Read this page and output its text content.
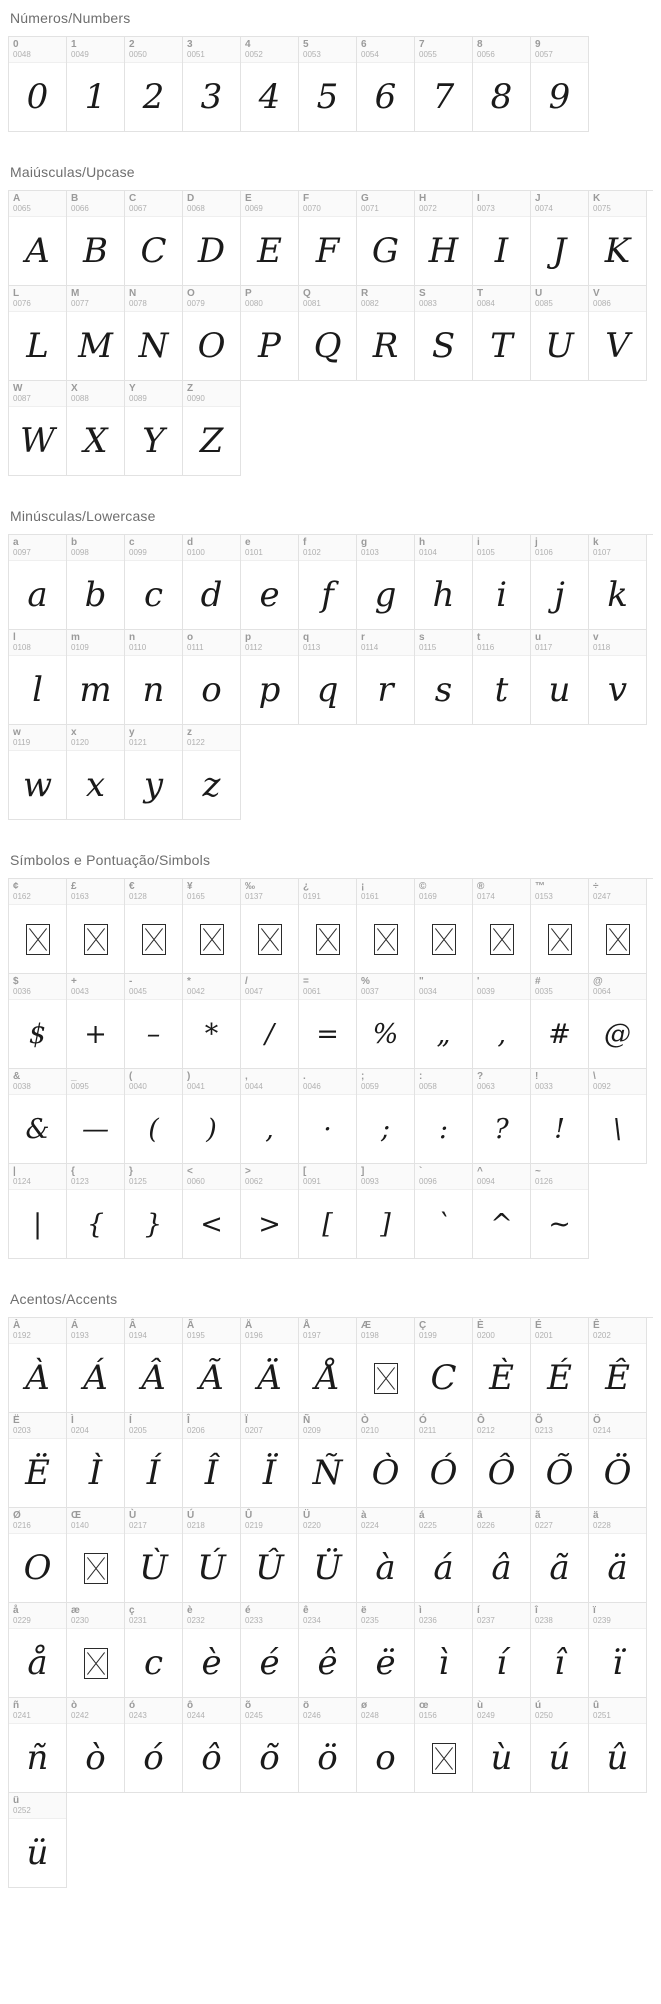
Números/Numbers
0
0048
0
1
0049
1
2
0050
2
3
0051
3
4
0052
4
5
0053
5
6
0054
6
7
0055
7
8
0056
8
9
0057
9
Maiúsculas/Upcase
A
0065
A
B
0066
B
C
0067
C
D
0068
D
E
0069
E
F
0070
F
G
0071
G
H
0072
H
I
0073
I
J
0074
J
K
0075
K
L
0076
L
M
0077
M
N
0078
N
O
0079
O
P
0080
P
Q
0081
Q
R
0082
R
S
0083
S
T
0084
T
U
0085
U
V
0086
V
W
0087
W
X
0088
X
Y
0089
Y
Z
0090
Z
Minúsculas/Lowercase
a
0097
a
b
0098
b
c
0099
c
d
0100
d
e
0101
e
f
0102
f
g
0103
g
h
0104
h
i
0105
i
j
0106
j
k
0107
k
l
0108
l
m
0109
m
n
0110
n
o
0111
o
p
0112
p
q
0113
q
r
0114
r
s
0115
s
t
0116
t
u
0117
u
v
0118
v
w
0119
w
x
0120
x
y
0121
y
z
0122
z
Símbolos e Pontuação/Simbols
¢
0162
£
0163
€
0128
¥
0165
‰
0137
¿
0191
¡
0161
©
0169
®
0174
™
0153
÷
0247
$
0036
$
+
0043
+
-
0045
–
*
0042
*
/
0047
/
=
0061
=
%
0037
%
"
0034
„
'
0039
‚
#
0035
#
@
0064
@
&
0038
&
_
0095
—
(
0040
(
)
0041
)
,
0044
,
.
0046
·
;
0059
;
:
0058
:
?
0063
?
!
0033
!
\
0092
\
|
0124
|
{
0123
{
}
0125
}
<
0060
<
>
0062
>
[
0091
[
]
0093
]
`
0096
`
^
0094
^
~
0126
~
Acentos/Accents
À
0192
À
Á
0193
Á
Â
0194
Â
Ã
0195
Ã
Ä
0196
Ä
Å
0197
Å
Æ
0198
Ç
0199
C
È
0200
È
É
0201
É
Ê
0202
Ê
Ë
0203
Ë
Ì
0204
Ì
Í
0205
Í
Î
0206
Î
Ï
0207
Ï
Ñ
0209
Ñ
Ò
0210
Ò
Ó
0211
Ó
Ô
0212
Ô
Õ
0213
Õ
Ö
0214
Ö
Ø
0216
O
Œ
0140
Ù
0217
Ù
Ú
0218
Ú
Û
0219
Û
Ü
0220
Ü
à
0224
à
á
0225
á
â
0226
â
ã
0227
ã
ä
0228
ä
å
0229
å
æ
0230
ç
0231
c
è
0232
è
é
0233
é
ê
0234
ê
ë
0235
ë
ì
0236
ì
í
0237
í
î
0238
î
ï
0239
ï
ñ
0241
ñ
ò
0242
ò
ó
0243
ó
ô
0244
ô
õ
0245
õ
ö
0246
ö
ø
0248
o
œ
0156
ù
0249
ù
ú
0250
ú
û
0251
û
ü
0252
ü
